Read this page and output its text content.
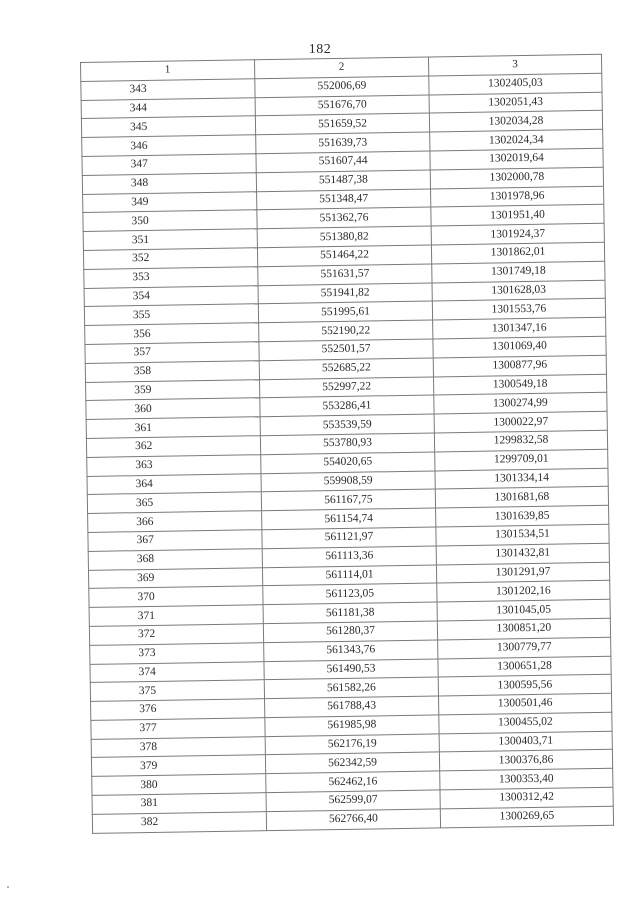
182
1	2	3
343	552006,69	1302405,03
344	551676,70	1302051,43
345	551659,52	1302034,28
346	551639,73	1302024,34
347	551607,44	1302019,64
348	551487,38	1302000,78
349	551348,47	1301978,96
350	551362,76	1301951,40
351	551380,82	1301924,37
352	551464,22	1301862,01
353	551631,57	1301749,18
354	551941,82	1301628,03
355	551995,61	1301553,76
356	552190,22	1301347,16
357	552501,57	1301069,40
358	552685,22	1300877,96
359	552997,22	1300549,18
360	553286,41	1300274,99
361	553539,59	1300022,97
362	553780,93	1299832,58
363	554020,65	1299709,01
364	559908,59	1301334,14
365	561167,75	1301681,68
366	561154,74	1301639,85
367	561121,97	1301534,51
368	561113,36	1301432,81
369	561114,01	1301291,97
370	561123,05	1301202,16
371	561181,38	1301045,05
372	561280,37	1300851,20
373	561343,76	1300779,77
374	561490,53	1300651,28
375	561582,26	1300595,56
376	561788,43	1300501,46
377	561985,98	1300455,02
378	562176,19	1300403,71
379	562342,59	1300376,86
380	562462,16	1300353,40
381	562599,07	1300312,42
382	562766,40	1300269,65
